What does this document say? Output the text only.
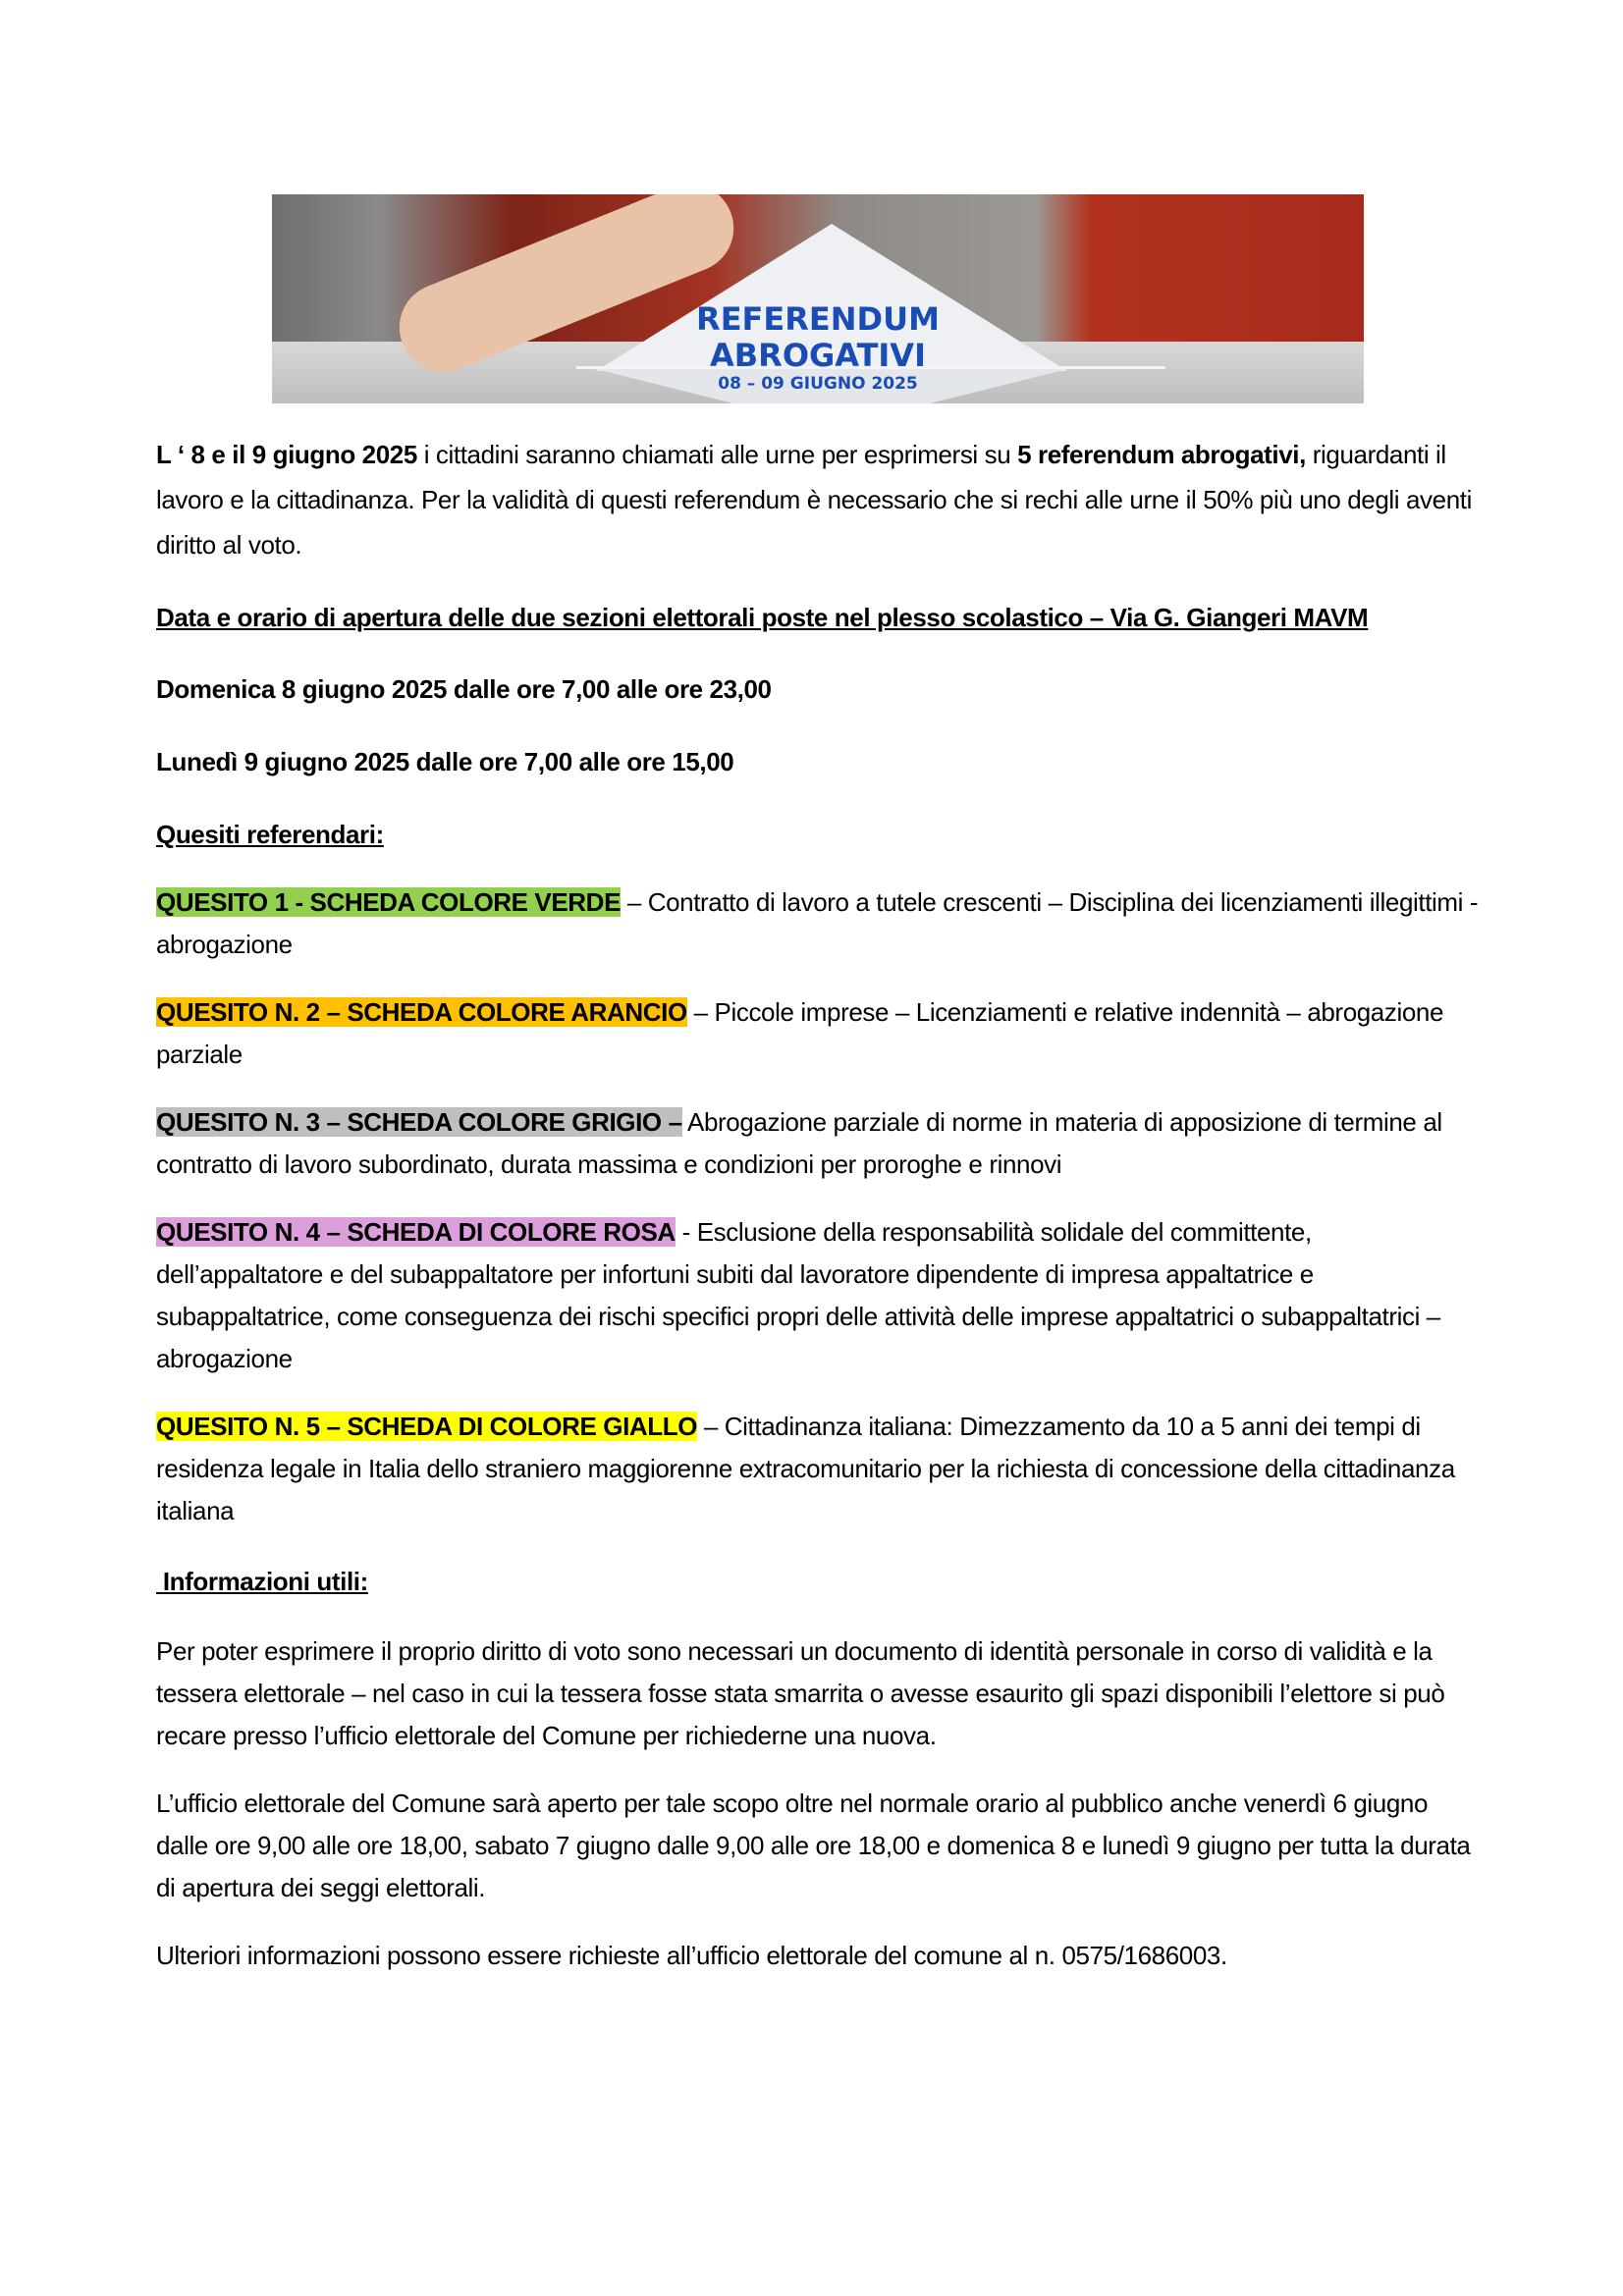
REFERENDUM
ABROGATIVI
08 – 09 GIUGNO 2025

L ‘ 8 e il 9 giugno 2025 i cittadini saranno chiamati alle urne per esprimersi su 5 referendum abrogativi, riguardanti il lavoro e la cittadinanza. Per la validità di questi referendum è necessario che si rechi alle urne il 50% più uno degli aventi diritto al voto.

Data e orario di apertura delle due sezioni elettorali poste nel plesso scolastico – Via G. Giangeri MAVM

Domenica 8 giugno 2025 dalle ore 7,00 alle ore 23,00

Lunedì 9 giugno 2025 dalle ore 7,00 alle ore 15,00

Quesiti referendari:

QUESITO 1 - SCHEDA COLORE VERDE – Contratto di lavoro a tutele crescenti – Disciplina dei licenziamenti illegittimi - abrogazione

QUESITO N. 2 – SCHEDA COLORE ARANCIO – Piccole imprese – Licenziamenti e relative indennità – abrogazione parziale

QUESITO N. 3 – SCHEDA COLORE GRIGIO – Abrogazione parziale di norme in materia di apposizione di termine al contratto di lavoro subordinato, durata massima e condizioni per proroghe e rinnovi

QUESITO N. 4 – SCHEDA DI COLORE ROSA - Esclusione della responsabilità solidale del committente, dell’appaltatore e del subappaltatore per infortuni subiti dal lavoratore dipendente di impresa appaltatrice e subappaltatrice, come conseguenza dei rischi specifici propri delle attività delle imprese appaltatrici o subappaltatrici – abrogazione

QUESITO N. 5 – SCHEDA DI COLORE GIALLO – Cittadinanza italiana: Dimezzamento da 10 a 5 anni dei tempi di residenza legale in Italia dello straniero maggiorenne extracomunitario per la richiesta di concessione della cittadinanza italiana

Informazioni utili:

Per poter esprimere il proprio diritto di voto sono necessari un documento di identità personale in corso di validità e la tessera elettorale – nel caso in cui la tessera fosse stata smarrita o avesse esaurito gli spazi disponibili l’elettore si può recare presso l’ufficio elettorale del Comune per richiederne una nuova.

L’ufficio elettorale del Comune sarà aperto per tale scopo oltre nel normale orario al pubblico anche venerdì 6 giugno dalle ore 9,00 alle ore 18,00, sabato 7 giugno dalle 9,00 alle ore 18,00 e domenica 8 e lunedì 9 giugno per tutta la durata di apertura dei seggi elettorali.

Ulteriori informazioni possono essere richieste all’ufficio elettorale del comune al n. 0575/1686003.
